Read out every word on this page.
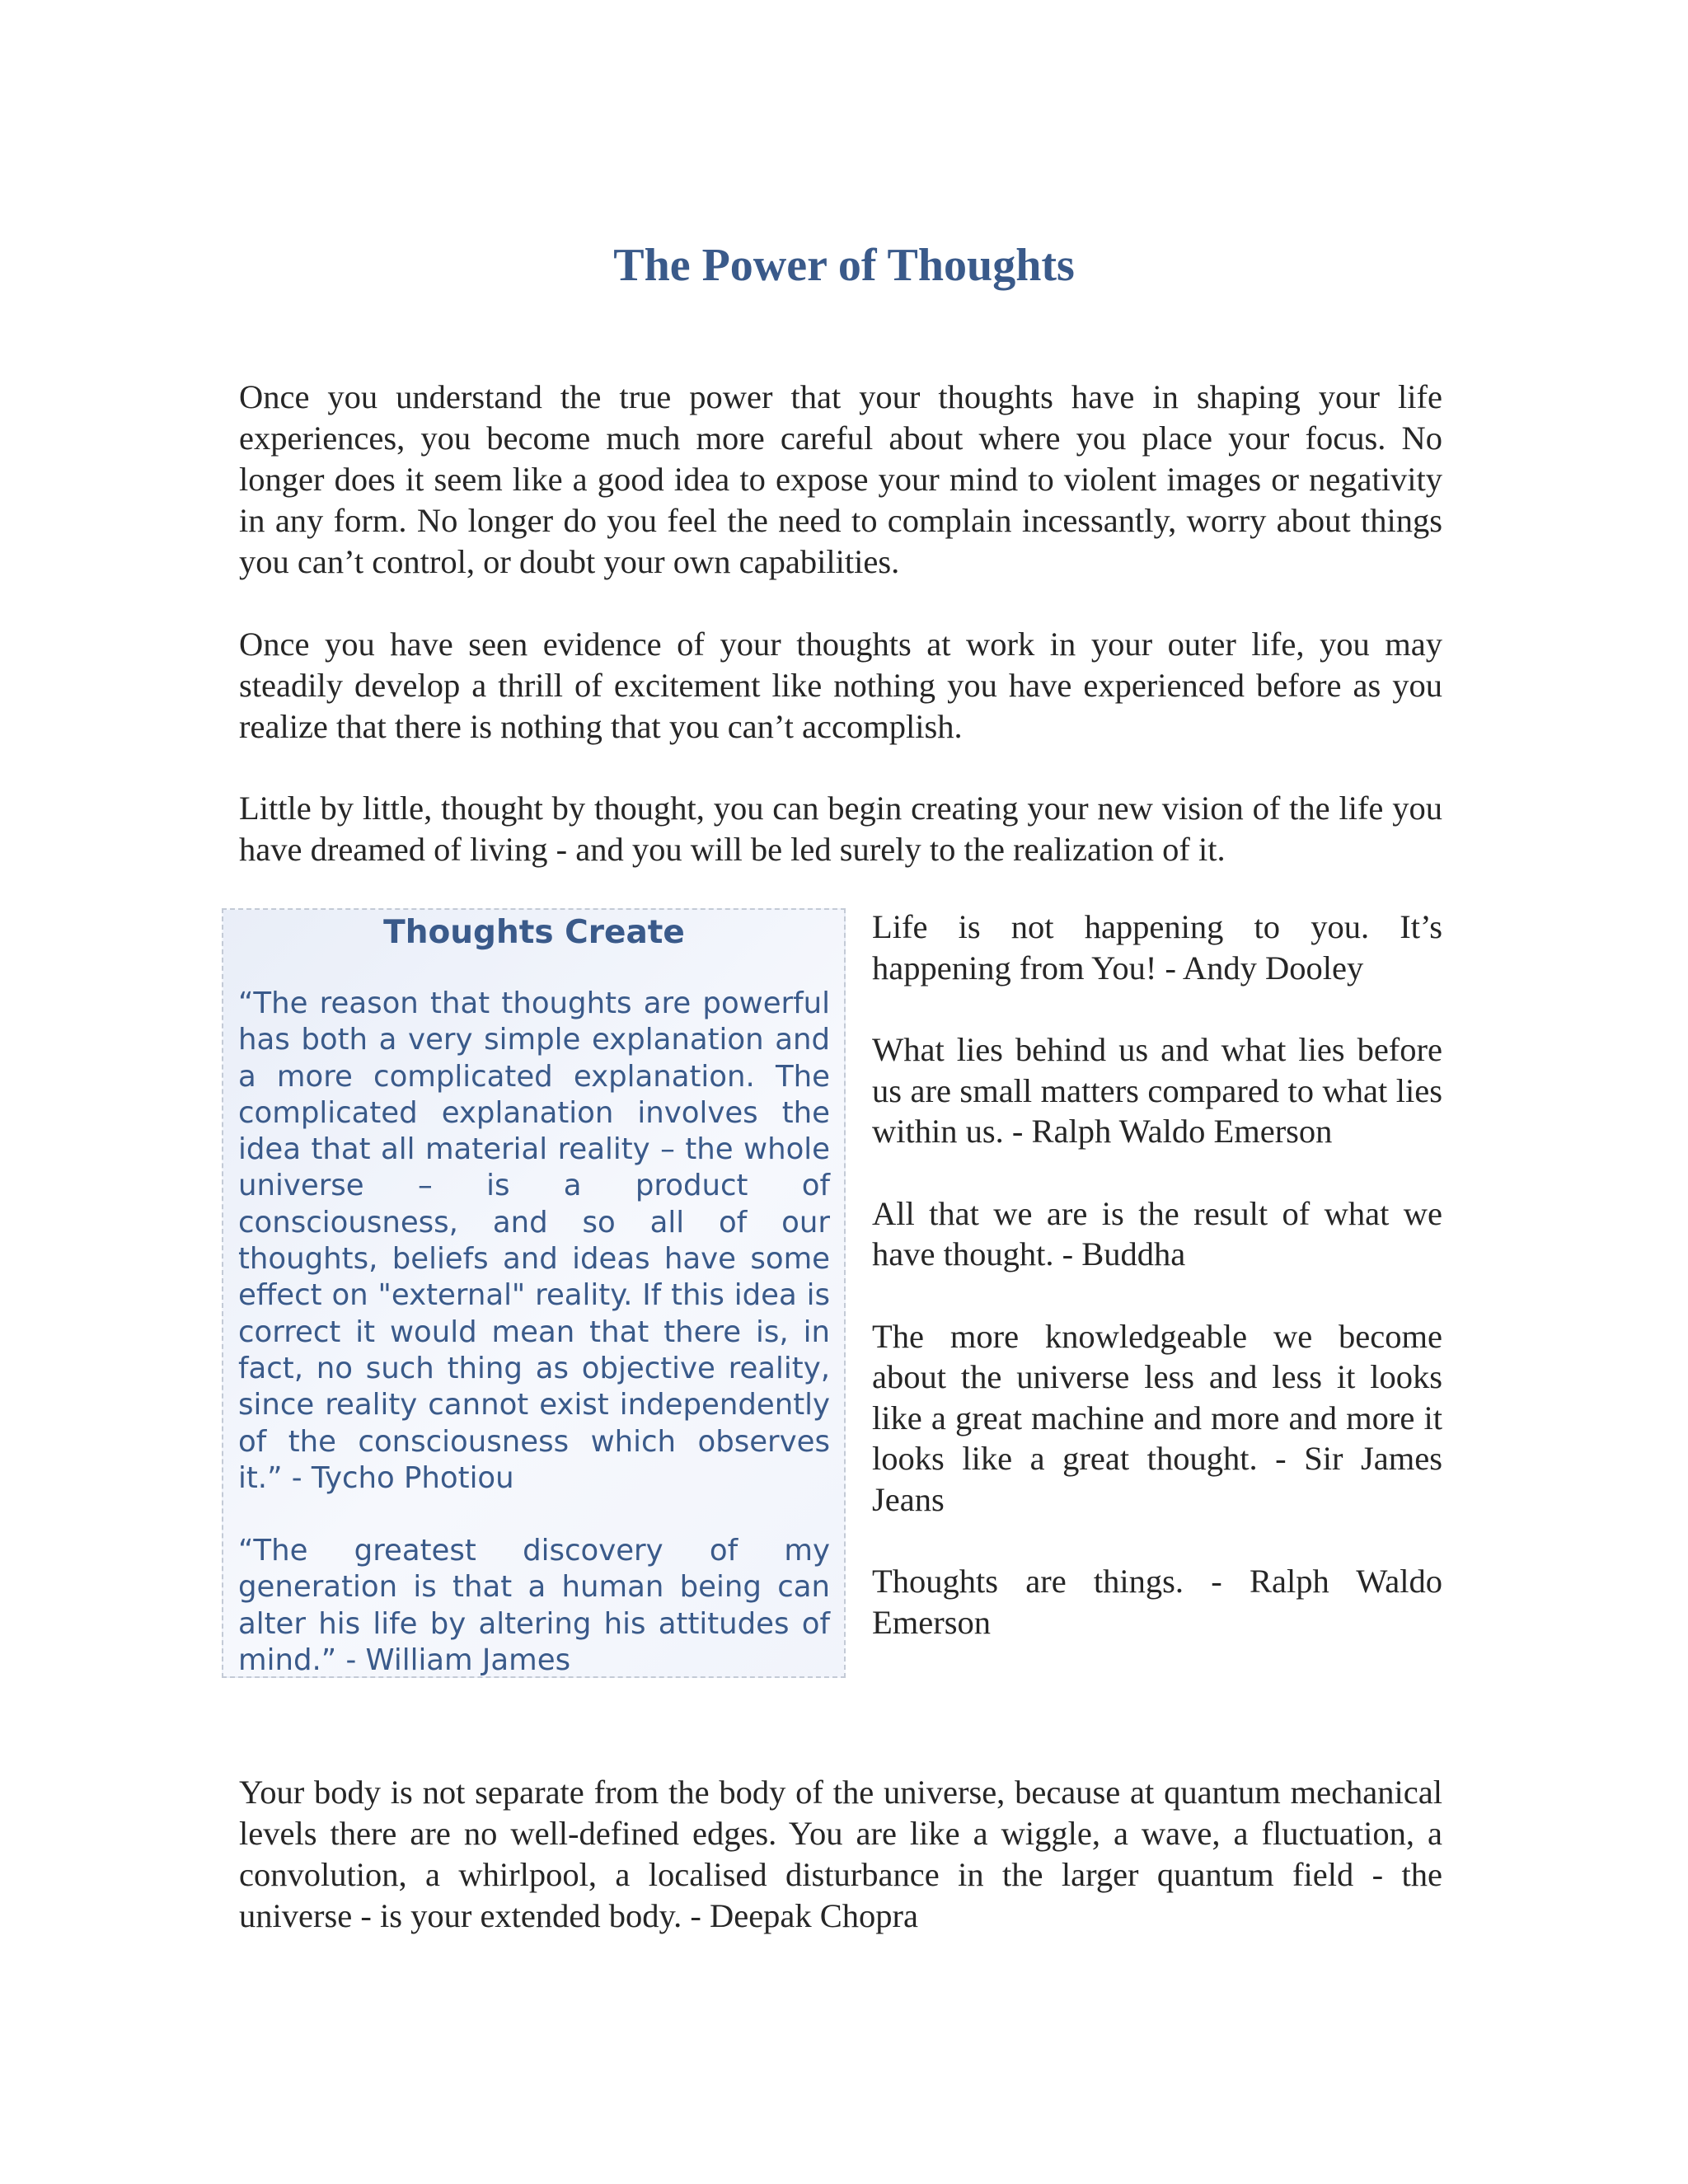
The Power of Thoughts

Once you understand the true power that your thoughts have in shaping your life experiences, you become much more careful about where you place your focus. No longer does it seem like a good idea to expose your mind to violent images or negativity in any form. No longer do you feel the need to complain incessantly, worry about things you can’t control, or doubt your own capabilities.

Once you have seen evidence of your thoughts at work in your outer life, you may steadily develop a thrill of excitement like nothing you have experienced before as you realize that there is nothing that you can’t accomplish.

Little by little, thought by thought, you can begin creating your new vision of the life you have dreamed of living - and you will be led surely to the realization of it.

Thoughts Create

“The reason that thoughts are powerful has both a very simple explanation and a more complicated explanation. The complicated explanation involves the idea that all material reality – the whole universe – is a product of consciousness, and so all of our thoughts, beliefs and ideas have some effect on "external" reality. If this idea is correct it would mean that there is, in fact, no such thing as objective reality, since reality cannot exist independently of the consciousness which observes it.” - Tycho Photiou

“The greatest discovery of my generation is that a human being can alter his life by altering his attitudes of mind.” - William James

Life is not happening to you. It’s happening from You! - Andy Dooley

What lies behind us and what lies before us are small matters compared to what lies within us. - Ralph Waldo Emerson

All that we are is the result of what we have thought. - Buddha

The more knowledgeable we become about the universe less and less it looks like a great machine and more and more it looks like a great thought. - Sir James Jeans

Thoughts are things. - Ralph Waldo Emerson

Your body is not separate from the body of the universe, because at quantum mechanical levels there are no well-defined edges. You are like a wiggle, a wave, a fluctuation, a convolution, a whirlpool, a localised disturbance in the larger quantum field - the universe - is your extended body. - Deepak Chopra
